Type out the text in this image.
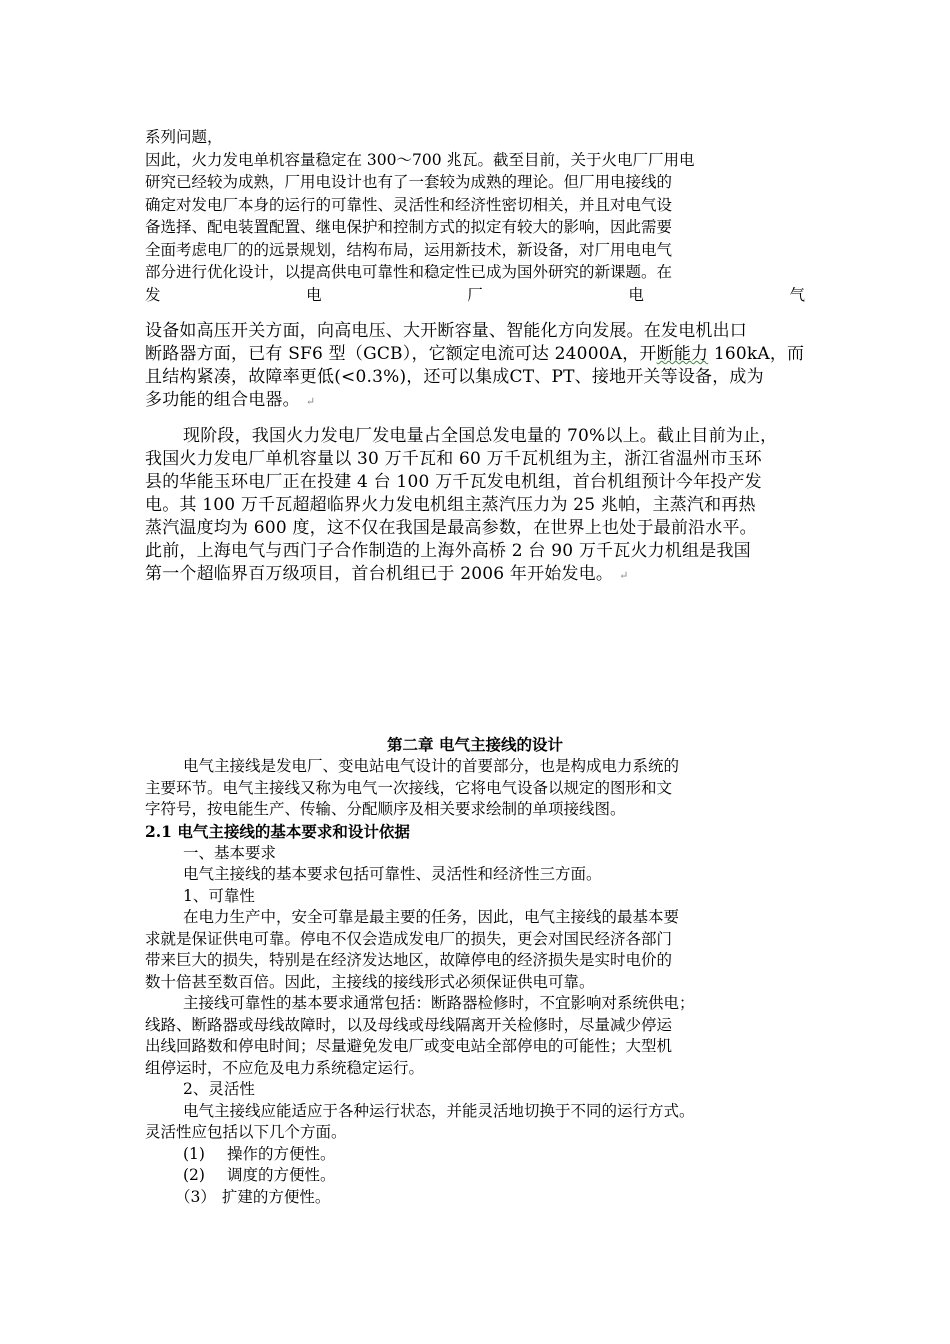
系列问题，

因此，火力发电单机容量稳定在 300～700 兆瓦。截至目前，关于火电厂厂用电

研究已经较为成熟，厂用电设计也有了一套较为成熟的理论。但厂用电接线的

确定对发电厂本身的运行的可靠性、灵活性和经济性密切相关，并且对电气设

备选择、配电装置配置、继电保护和控制方式的拟定有较大的影响，因此需要

全面考虑电厂的的远景规划，结构布局，运用新技术，新设备，对厂用电电气

部分进行优化设计，以提高供电可靠性和稳定性已成为国外研究的新课题。在

发	电	厂	电	气

设备如高压开关方面，向高电压、大开断容量、智能化方向发展。在发电机出口

断路器方面，已有 SF6 型（GCB），它额定电流可达 24000A，开断能力 160kA，而

且结构紧凑，故障率更低(<0.3%)，还可以集成CT、PT、接地开关等设备，成为

多功能的组合电器。 ↵

现阶段，我国火力发电厂发电量占全国总发电量的 70%以上。截止目前为止，

我国火力发电厂单机容量以 30 万千瓦和 60 万千瓦机组为主，浙江省温州市玉环

县的华能玉环电厂正在投建 4 台 100 万千瓦发电机组，首台机组预计今年投产发

电。其 100 万千瓦超超临界火力发电机组主蒸汽压力为 25 兆帕，主蒸汽和再热

蒸汽温度均为 600 度，这不仅在我国是最高参数，在世界上也处于最前沿水平。

此前，上海电气与西门子合作制造的上海外高桥 2 台 90 万千瓦火力机组是我国

第一个超临界百万级项目，首台机组已于 2006 年开始发电。 ↵

第二章 电气主接线的设计

电气主接线是发电厂、变电站电气设计的首要部分，也是构成电力系统的

主要环节。电气主接线又称为电气一次接线，它将电气设备以规定的图形和文

字符号，按电能生产、传输、分配顺序及相关要求绘制的单项接线图。

2.1 电气主接线的基本要求和设计依据

一、基本要求

电气主接线的基本要求包括可靠性、灵活性和经济性三方面。

1、可靠性

在电力生产中，安全可靠是最主要的任务，因此，电气主接线的最基本要

求就是保证供电可靠。停电不仅会造成发电厂的损失，更会对国民经济各部门

带来巨大的损失，特别是在经济发达地区，故障停电的经济损失是实时电价的

数十倍甚至数百倍。因此，主接线的接线形式必须保证供电可靠。

主接线可靠性的基本要求通常包括：断路器检修时，不宜影响对系统供电；

线路、断路器或母线故障时，以及母线或母线隔离开关检修时，尽量减少停运

出线回路数和停电时间；尽量避免发电厂或变电站全部停电的可能性；大型机

组停运时，不应危及电力系统稳定运行。

2、灵活性

电气主接线应能适应于各种运行状态，并能灵活地切换于不同的运行方式。

灵活性应包括以下几个方面。

(1) 操作的方便性。

(2) 调度的方便性。

（3） 扩建的方便性。
